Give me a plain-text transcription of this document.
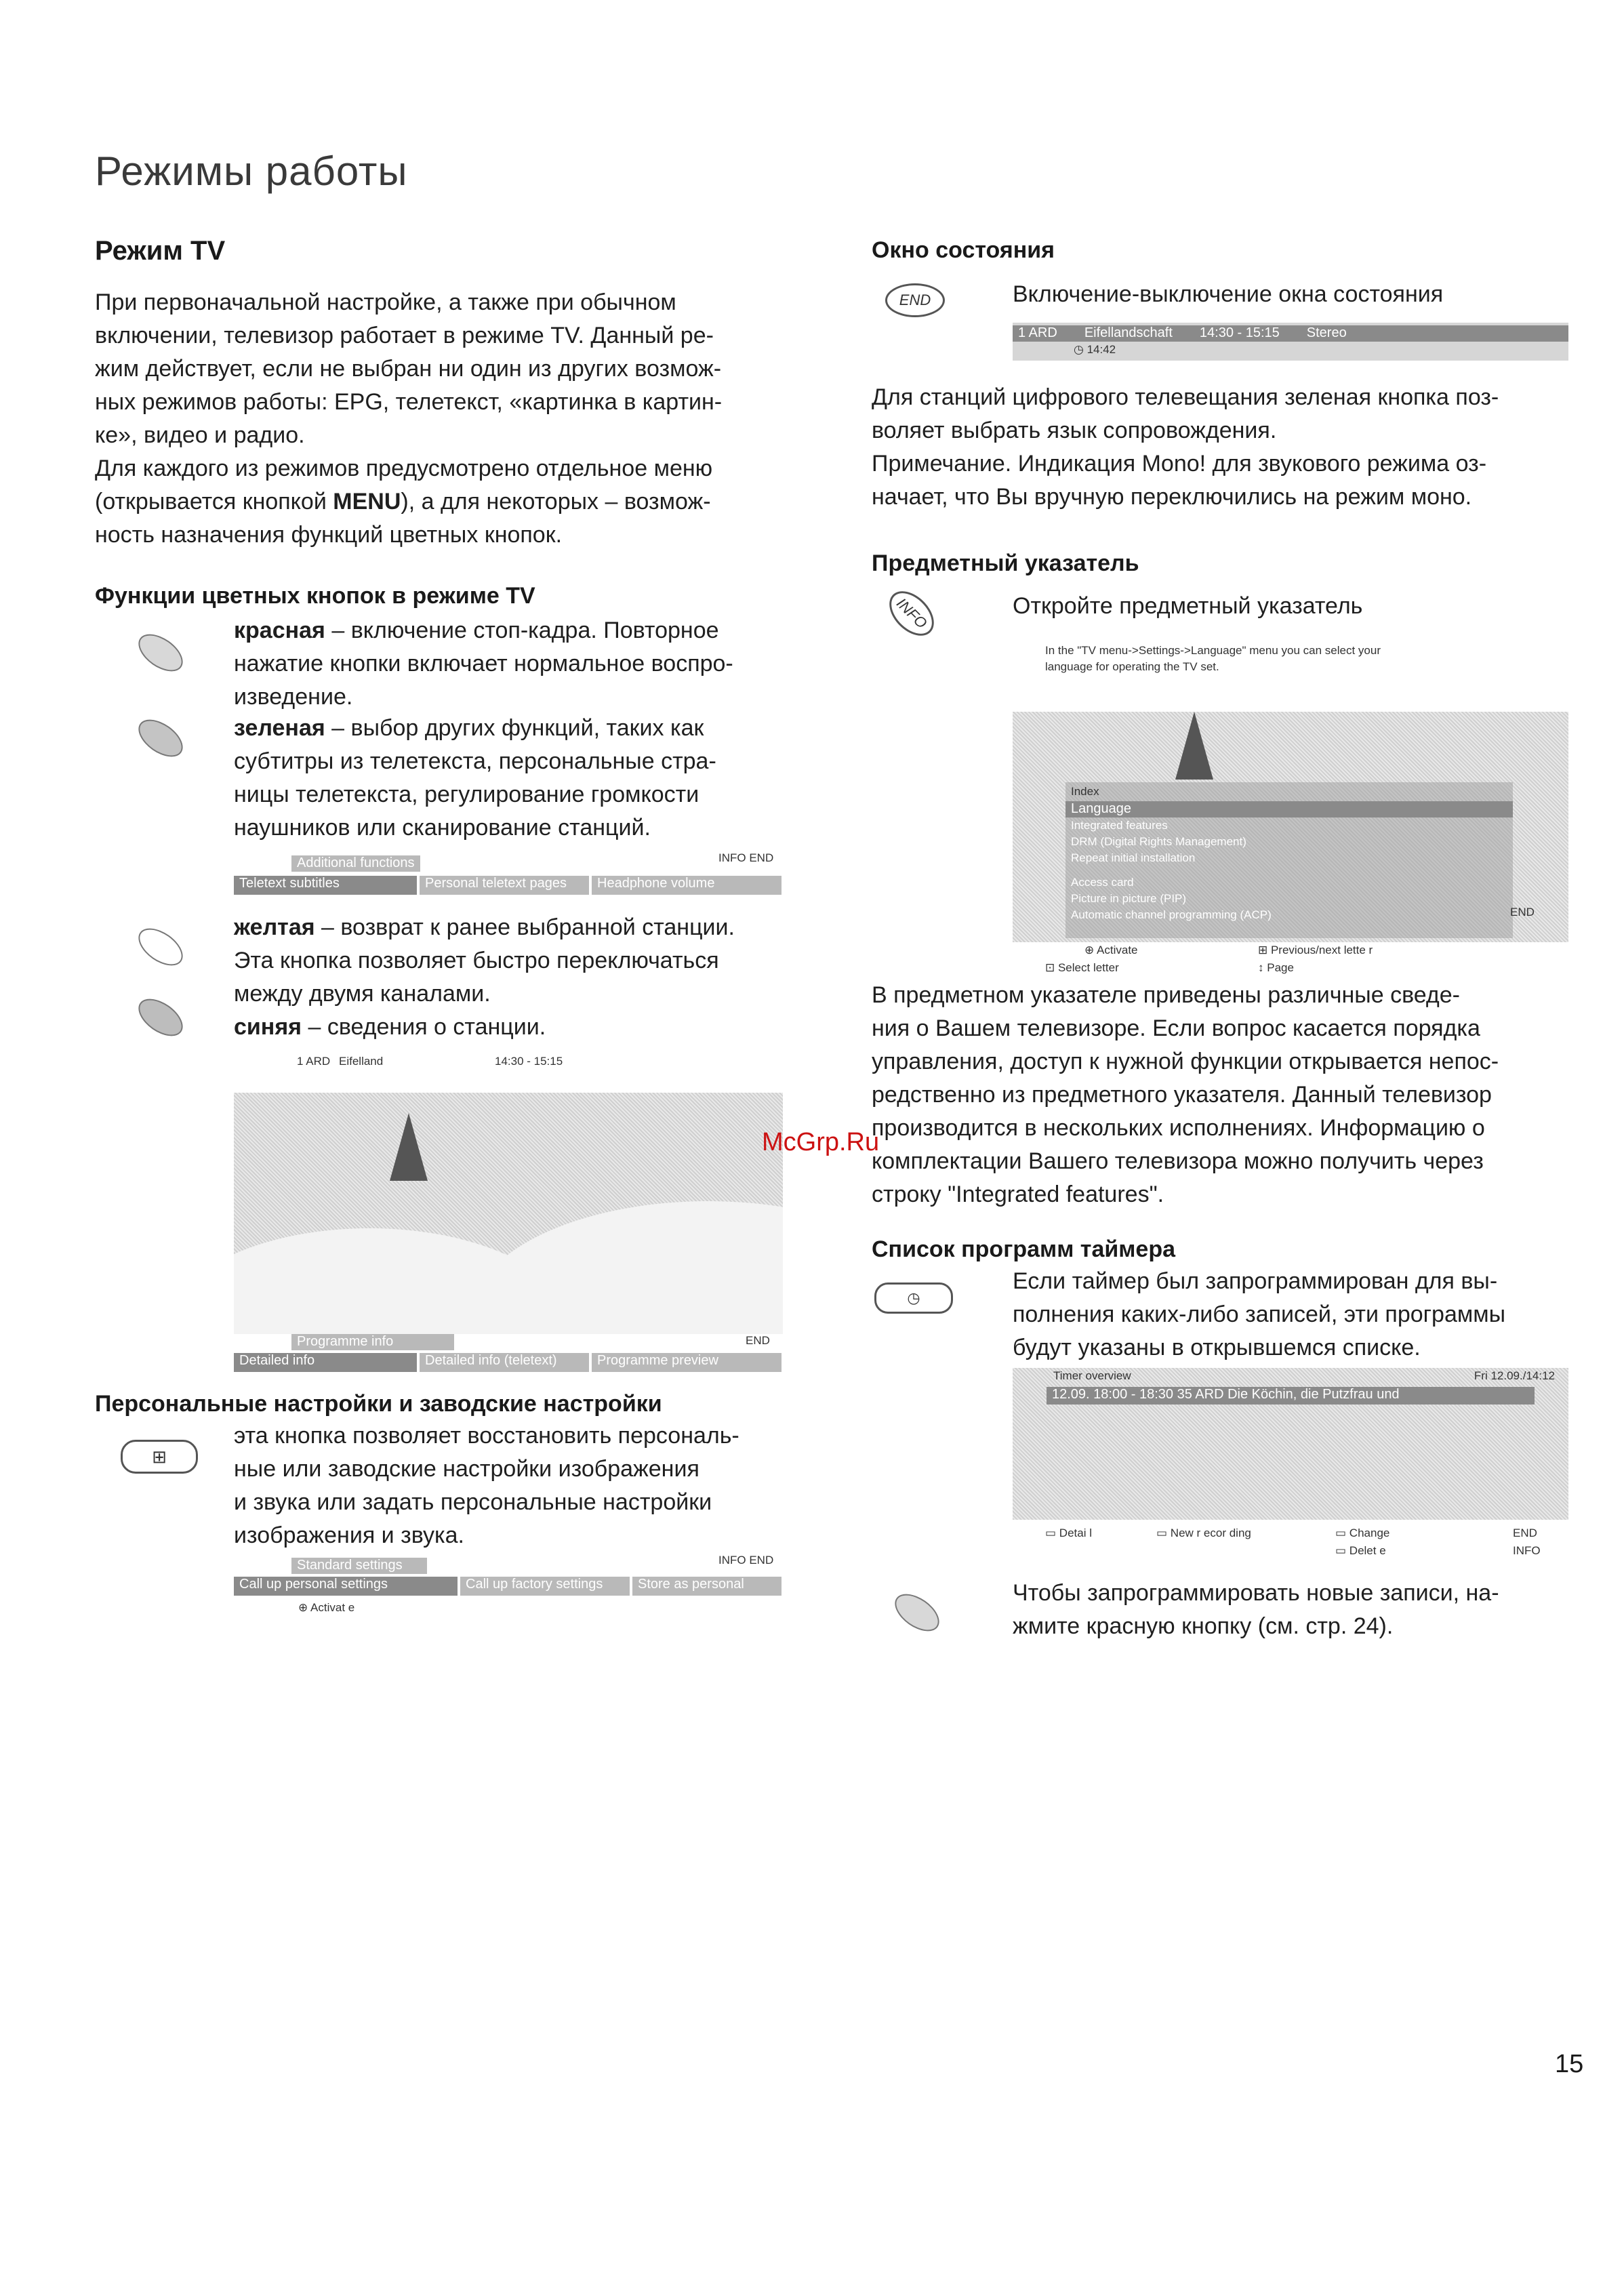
Режимы работы
Режим TV
При первоначальной настройке, а также при обычном
включении, телевизор работает в режиме TV. Данный ре-
жим действует, если не выбран ни один из других возмож-
ных режимов работы: EPG, телетекст, «картинка в картин-
ке», видео и радио.
Для каждого из режимов предусмотрено отдельное меню
(открывается кнопкой MENU), а для некоторых – возмож-
ность назначения функций цветных кнопок.
Функции цветных кнопок в режиме TV
красная – включение стоп-кадра. Повторное
нажатие кнопки включает нормальное воспро-
изведение.
зеленая – выбор других функций, таких как
субтитры из телетекста, персональные стра-
ницы телетекста, регулирование громкости
наушников или сканирование станций.
INFO END
Additional functions
Teletext subtitles	Personal teletext pages	Headphone volume
желтая – возврат к ранее выбранной станции.
Эта кнопка позволяет быстро переключаться
между двумя каналами.
синяя – сведения о станции.
1 ARD Eifelland	14:30 - 15:15
Programme info	END
Detailed info	Detailed info (teletext)	Programme preview
Персональные настройки и заводские настройки
⊞
эта кнопка позволяет восстановить персональ-
ные или заводские настройки изображения
и звука или задать персональные настройки
изображения и звука.
INFO END
Standard settings
Call up personal settings	Call up factory settings	Store as personal
⊕ Activat e
Окно состояния
END	Включение-выключение окна состояния
1 ARD Eifellandschaft 14:30 - 15:15 Stereo
◷ 14:42
Для станций цифрового телевещания зеленая кнопка поз-
воляет выбрать язык сопровождения.
Примечание. Индикация Mono! для звукового режима оз-
начает, что Вы вручную переключились на режим моно.
Предметный указатель
INFO	Откройте предметный указатель
In the "TV menu->Settings->Language" menu you can select your
language for operating the TV set.
Index
Language
Integrated features
DRM (Digital Rights Management)
Repeat initial installation
Access card
Picture in picture (PIP)
Automatic channel programming (ACP)	END
⊕ Activate	⊞ Previous/next lette r
⊡ Select letter	↕ Page
В предметном указателе приведены различные сведе-
ния о Вашем телевизоре. Если вопрос касается порядка
управления, доступ к нужной функции открывается непос-
редственно из предметного указателя. Данный телевизор
производится в нескольких исполнениях. Информацию о
комплектации Вашего телевизора можно получить через
строку "Integrated features".
Список программ таймера
◷
Если таймер был запрограммирован для вы-
полнения каких-либо записей, эти программы
будут указаны в открывшемся списке.
Timer overview	Fri 12.09./14:12
12.09. 18:00 - 18:30 35 ARD Die Köchin, die Putzfrau und
▭ Detai l	▭ New r ecor ding	▭ Change
▭ Delet e
END
INFO
Чтобы запрограммировать новые записи, на-
жмите красную кнопку (см. стр. 24).
McGrp.Ru
15
